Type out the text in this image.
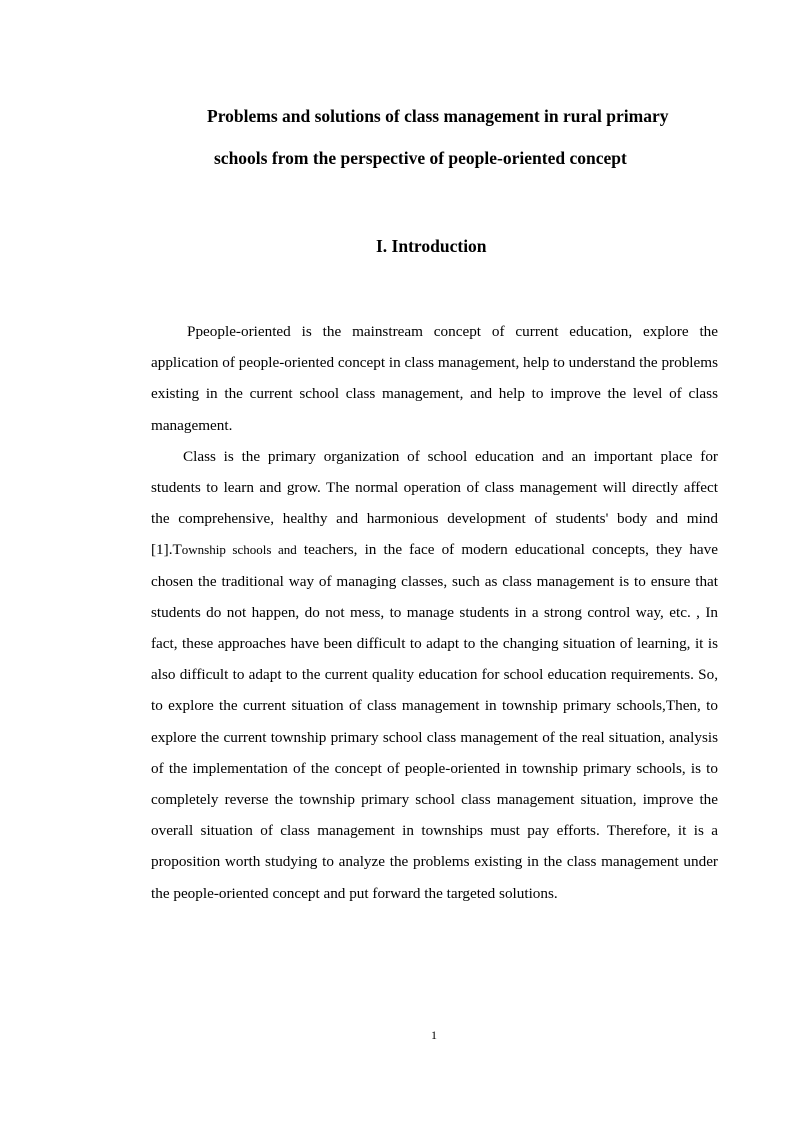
Problems and solutions of class management in rural primary
schools from the perspective of people-oriented concept
I. Introduction

Ppeople-oriented is the mainstream concept of current education, explore the application of people-oriented concept in class management, help to understand the problems existing in the current school class management, and help to improve the level of class management.

Class is the primary organization of school education and an important place for students to learn and grow. The normal operation of class management will directly affect the comprehensive, healthy and harmonious development of students' body and mind [1].Township schools and teachers, in the face of modern educational concepts, they have chosen the traditional way of managing classes, such as class management is to ensure that students do not happen, do not mess, to manage students in a strong control way, etc. , In fact, these approaches have been difficult to adapt to the changing situation of learning, it is also difficult to adapt to the current quality education for school education requirements. So, to explore the current situation of class management in township primary schools,Then, to explore the current township primary school class management of the real situation, analysis of the implementation of the concept of people-oriented in township primary schools, is to completely reverse the township primary school class management situation, improve the overall situation of class management in townships must pay efforts. Therefore, it is a proposition worth studying to analyze the problems existing in the class management under the people-oriented concept and put forward the targeted solutions.

1
